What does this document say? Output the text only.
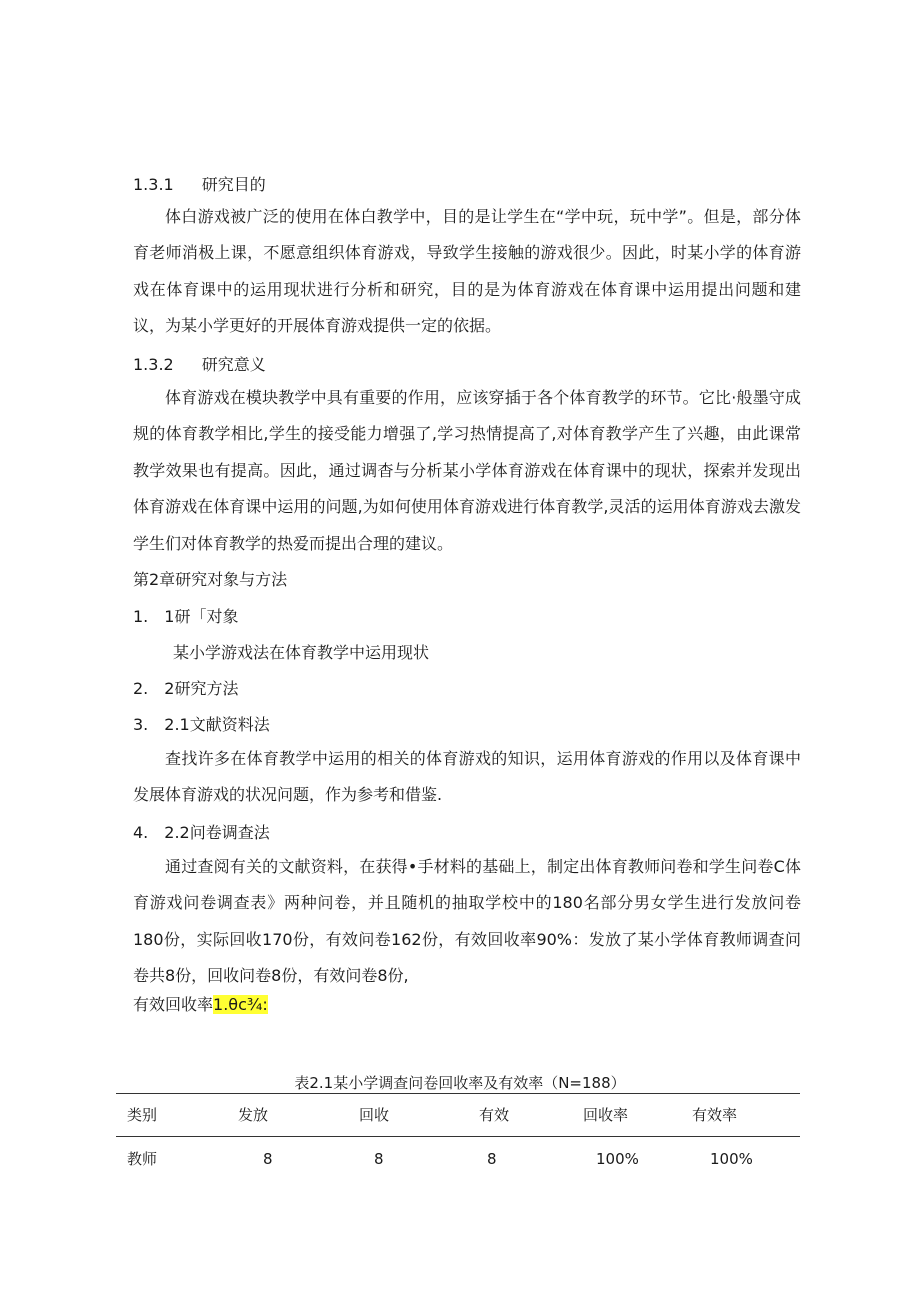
1.3.1 研究目的

体白游戏被广泛的使用在体白教学中，目的是让学生在“学中玩，玩中学”。但是，部分体育老师消极上课，不愿意组织体育游戏，导致学生接触的游戏很少。因此，时某小学的体育游戏在体育课中的运用现状进行分析和研究，目的是为体育游戏在体育课中运用提出问题和建议，为某小学更好的开展体育游戏提供一定的依据。

1.3.2 研究意义

体育游戏在模块教学中具有重要的作用，应该穿插于各个体育教学的环节。它比·般墨守成规的体育教学相比,学生的接受能力增强了,学习热情提高了,对体育教学产生了兴趣，由此课常教学效果也有提高。因此，通过调杳与分析某小学体育游戏在体育课中的现状，探索并发现出体育游戏在体育课中运用的问题,为如何使用体育游戏进行体育教学,灵活的运用体育游戏去激发学生们对体育教学的热爱而提出合理的建议。

第2章研究对象与方法
1. 1研「对象
某小学游戏法在体育教学中运用现状
2. 2研究方法
3. 2.1文献资料法

查找许多在体育教学中运用的相关的体育游戏的知识，运用体育游戏的作用以及体育课中发展体育游戏的状况问题，作为参考和借鉴.

4. 2.2问卷调查法

通过查阅有关的文献资料，在获得•手材料的基础上，制定出体育教师问卷和学生问卷C体育游戏问卷调查表》两种问卷，并且随机的抽取学校中的180名部分男女学生进行发放问卷180份，实际回收170份，有效问卷162份，有效回收率90%：发放了某小学体育教师调查问卷共8份，回收问卷8份，有效问卷8份,

有效回收率1.θc¾:
表2.1某小学调查问卷回收率及有效率（N=188）
类别	发放	回收	有效	回收率	有效率
教师	8	8	8	100%	100%
